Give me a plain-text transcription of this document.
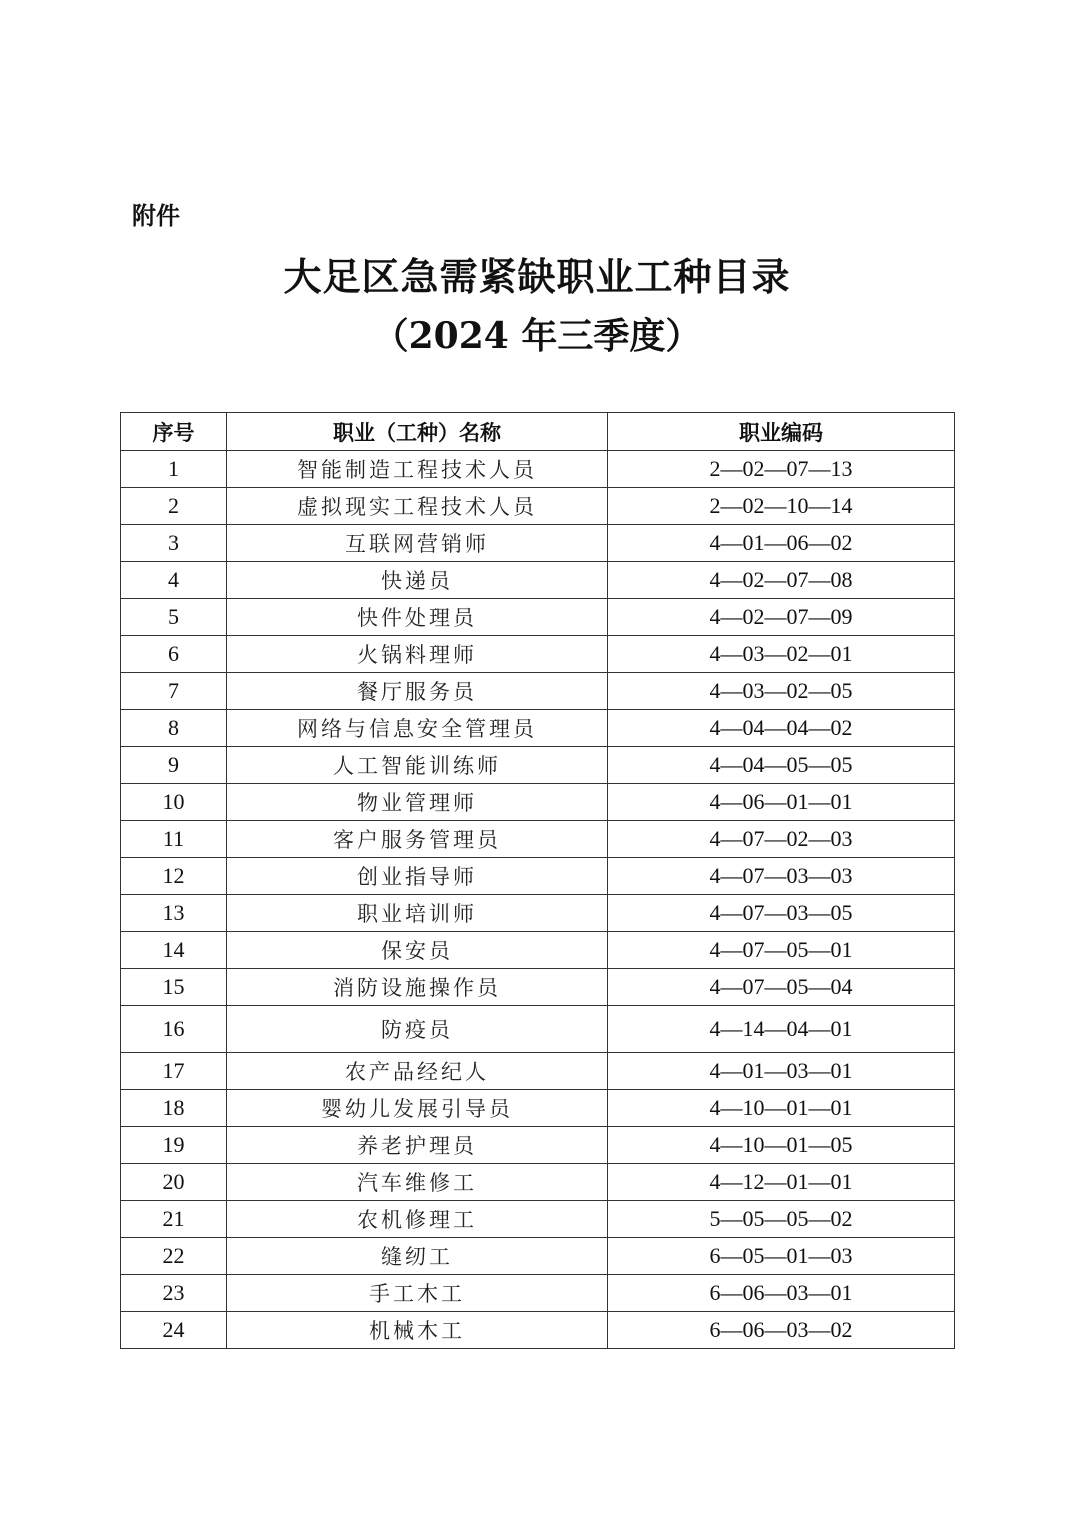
附件
大足区急需紧缺职业工种目录
（2024 年三季度）
序号	职业（工种）名称	职业编码
1	智能制造工程技术人员	2—02—07—13
2	虚拟现实工程技术人员	2—02—10—14
3	互联网营销师	4—01—06—02
4	快递员	4—02—07—08
5	快件处理员	4—02—07—09
6	火锅料理师	4—03—02—01
7	餐厅服务员	4—03—02—05
8	网络与信息安全管理员	4—04—04—02
9	人工智能训练师	4—04—05—05
10	物业管理师	4—06—01—01
11	客户服务管理员	4—07—02—03
12	创业指导师	4—07—03—03
13	职业培训师	4—07—03—05
14	保安员	4—07—05—01
15	消防设施操作员	4—07—05—04
16	防疫员	4—14—04—01
17	农产品经纪人	4—01—03—01
18	婴幼儿发展引导员	4—10—01—01
19	养老护理员	4—10—01—05
20	汽车维修工	4—12—01—01
21	农机修理工	5—05—05—02
22	缝纫工	6—05—01—03
23	手工木工	6—06—03—01
24	机械木工	6—06—03—02
